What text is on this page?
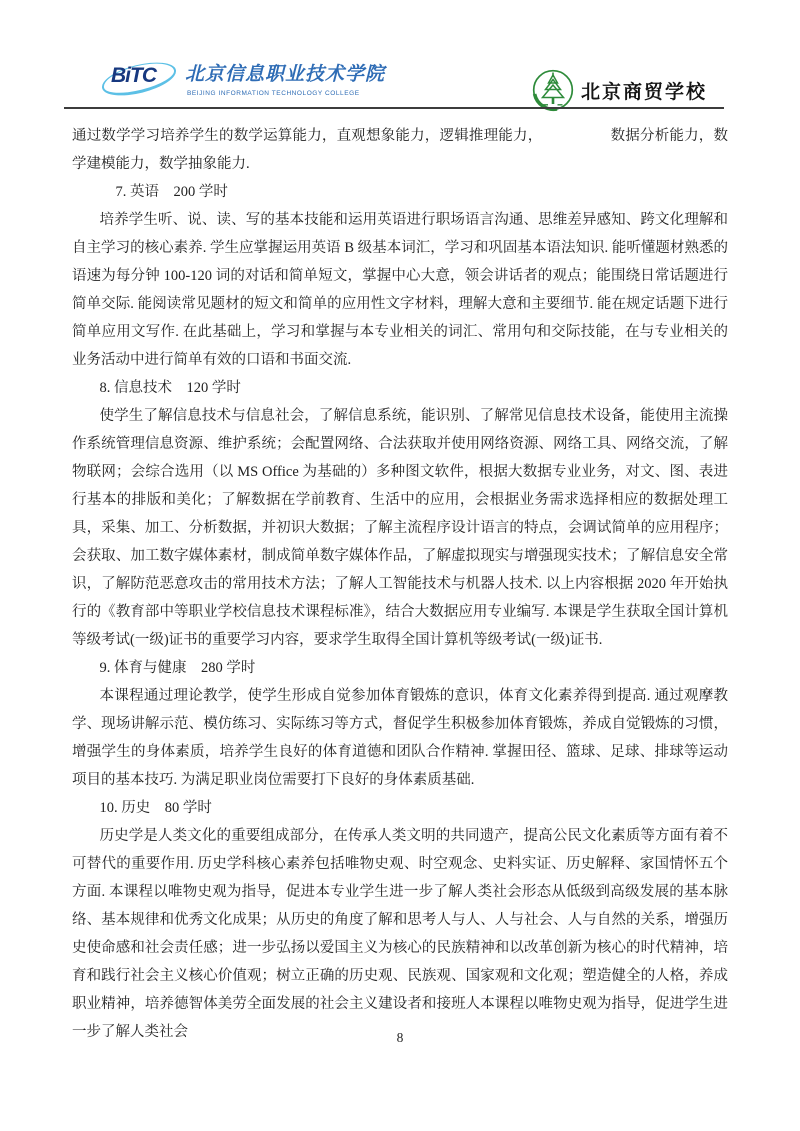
BiTC 北京信息职业技术学院
BEIJING INFORMATION TECHNOLOGY COLLEGE	北京商贸学校

通过数学学习培养学生的数学运算能力，直观想象能力，逻辑推理能力，	数据分析能力，数学建模能力，数学抽象能力.

7. 英语　200 学时

培养学生听、说、读、写的基本技能和运用英语进行职场语言沟通、思维差异感知、跨文化理解和自主学习的核心素养. 学生应掌握运用英语 B 级基本词汇，学习和巩固基本语法知识. 能听懂题材熟悉的语速为每分钟 100-120 词的对话和简单短文，掌握中心大意，领会讲话者的观点；能围绕日常话题进行简单交际. 能阅读常见题材的短文和简单的应用性文字材料，理解大意和主要细节. 能在规定话题下进行简单应用文写作. 在此基础上，学习和掌握与本专业相关的词汇、常用句和交际技能，在与专业相关的业务活动中进行简单有效的口语和书面交流.

8. 信息技术　120 学时

使学生了解信息技术与信息社会，了解信息系统，能识别、了解常见信息技术设备，能使用主流操作系统管理信息资源、维护系统；会配置网络、合法获取并使用网络资源、网络工具、网络交流，了解物联网；会综合选用（以 MS Office 为基础的）多种图文软件，根据大数据专业业务，对文、图、表进行基本的排版和美化；了解数据在学前教育、生活中的应用，会根据业务需求选择相应的数据处理工具，采集、加工、分析数据，并初识大数据；了解主流程序设计语言的特点，会调试简单的应用程序；会获取、加工数字媒体素材，制成简单数字媒体作品，了解虚拟现实与增强现实技术；了解信息安全常识，了解防范恶意攻击的常用技术方法；了解人工智能技术与机器人技术. 以上内容根据 2020 年开始执行的《教育部中等职业学校信息技术课程标准》，结合大数据应用专业编写. 本课是学生获取全国计算机等级考试(一级)证书的重要学习内容，要求学生取得全国计算机等级考试(一级)证书.

9. 体育与健康　280 学时

本课程通过理论教学，使学生形成自觉参加体育锻炼的意识，体育文化素养得到提高. 通过观摩教学、现场讲解示范、模仿练习、实际练习等方式，督促学生积极参加体育锻炼，养成自觉锻炼的习惯，增强学生的身体素质，培养学生良好的体育道德和团队合作精神. 掌握田径、篮球、足球、排球等运动项目的基本技巧. 为满足职业岗位需要打下良好的身体素质基础.

10. 历史　80 学时

历史学是人类文化的重要组成部分，在传承人类文明的共同遗产，提高公民文化素质等方面有着不可替代的重要作用. 历史学科核心素养包括唯物史观、时空观念、史料实证、历史解释、家国情怀五个方面. 本课程以唯物史观为指导，促进本专业学生进一步了解人类社会形态从低级到高级发展的基本脉络、基本规律和优秀文化成果；从历史的角度了解和思考人与人、人与社会、人与自然的关系，增强历史使命感和社会责任感；进一步弘扬以爱国主义为核心的民族精神和以改革创新为核心的时代精神，培育和践行社会主义核心价值观；树立正确的历史观、民族观、国家观和文化观；塑造健全的人格，养成职业精神，培养德智体美劳全面发展的社会主义建设者和接班人本课程以唯物史观为指导，促进学生进一步了解人类社会	8
